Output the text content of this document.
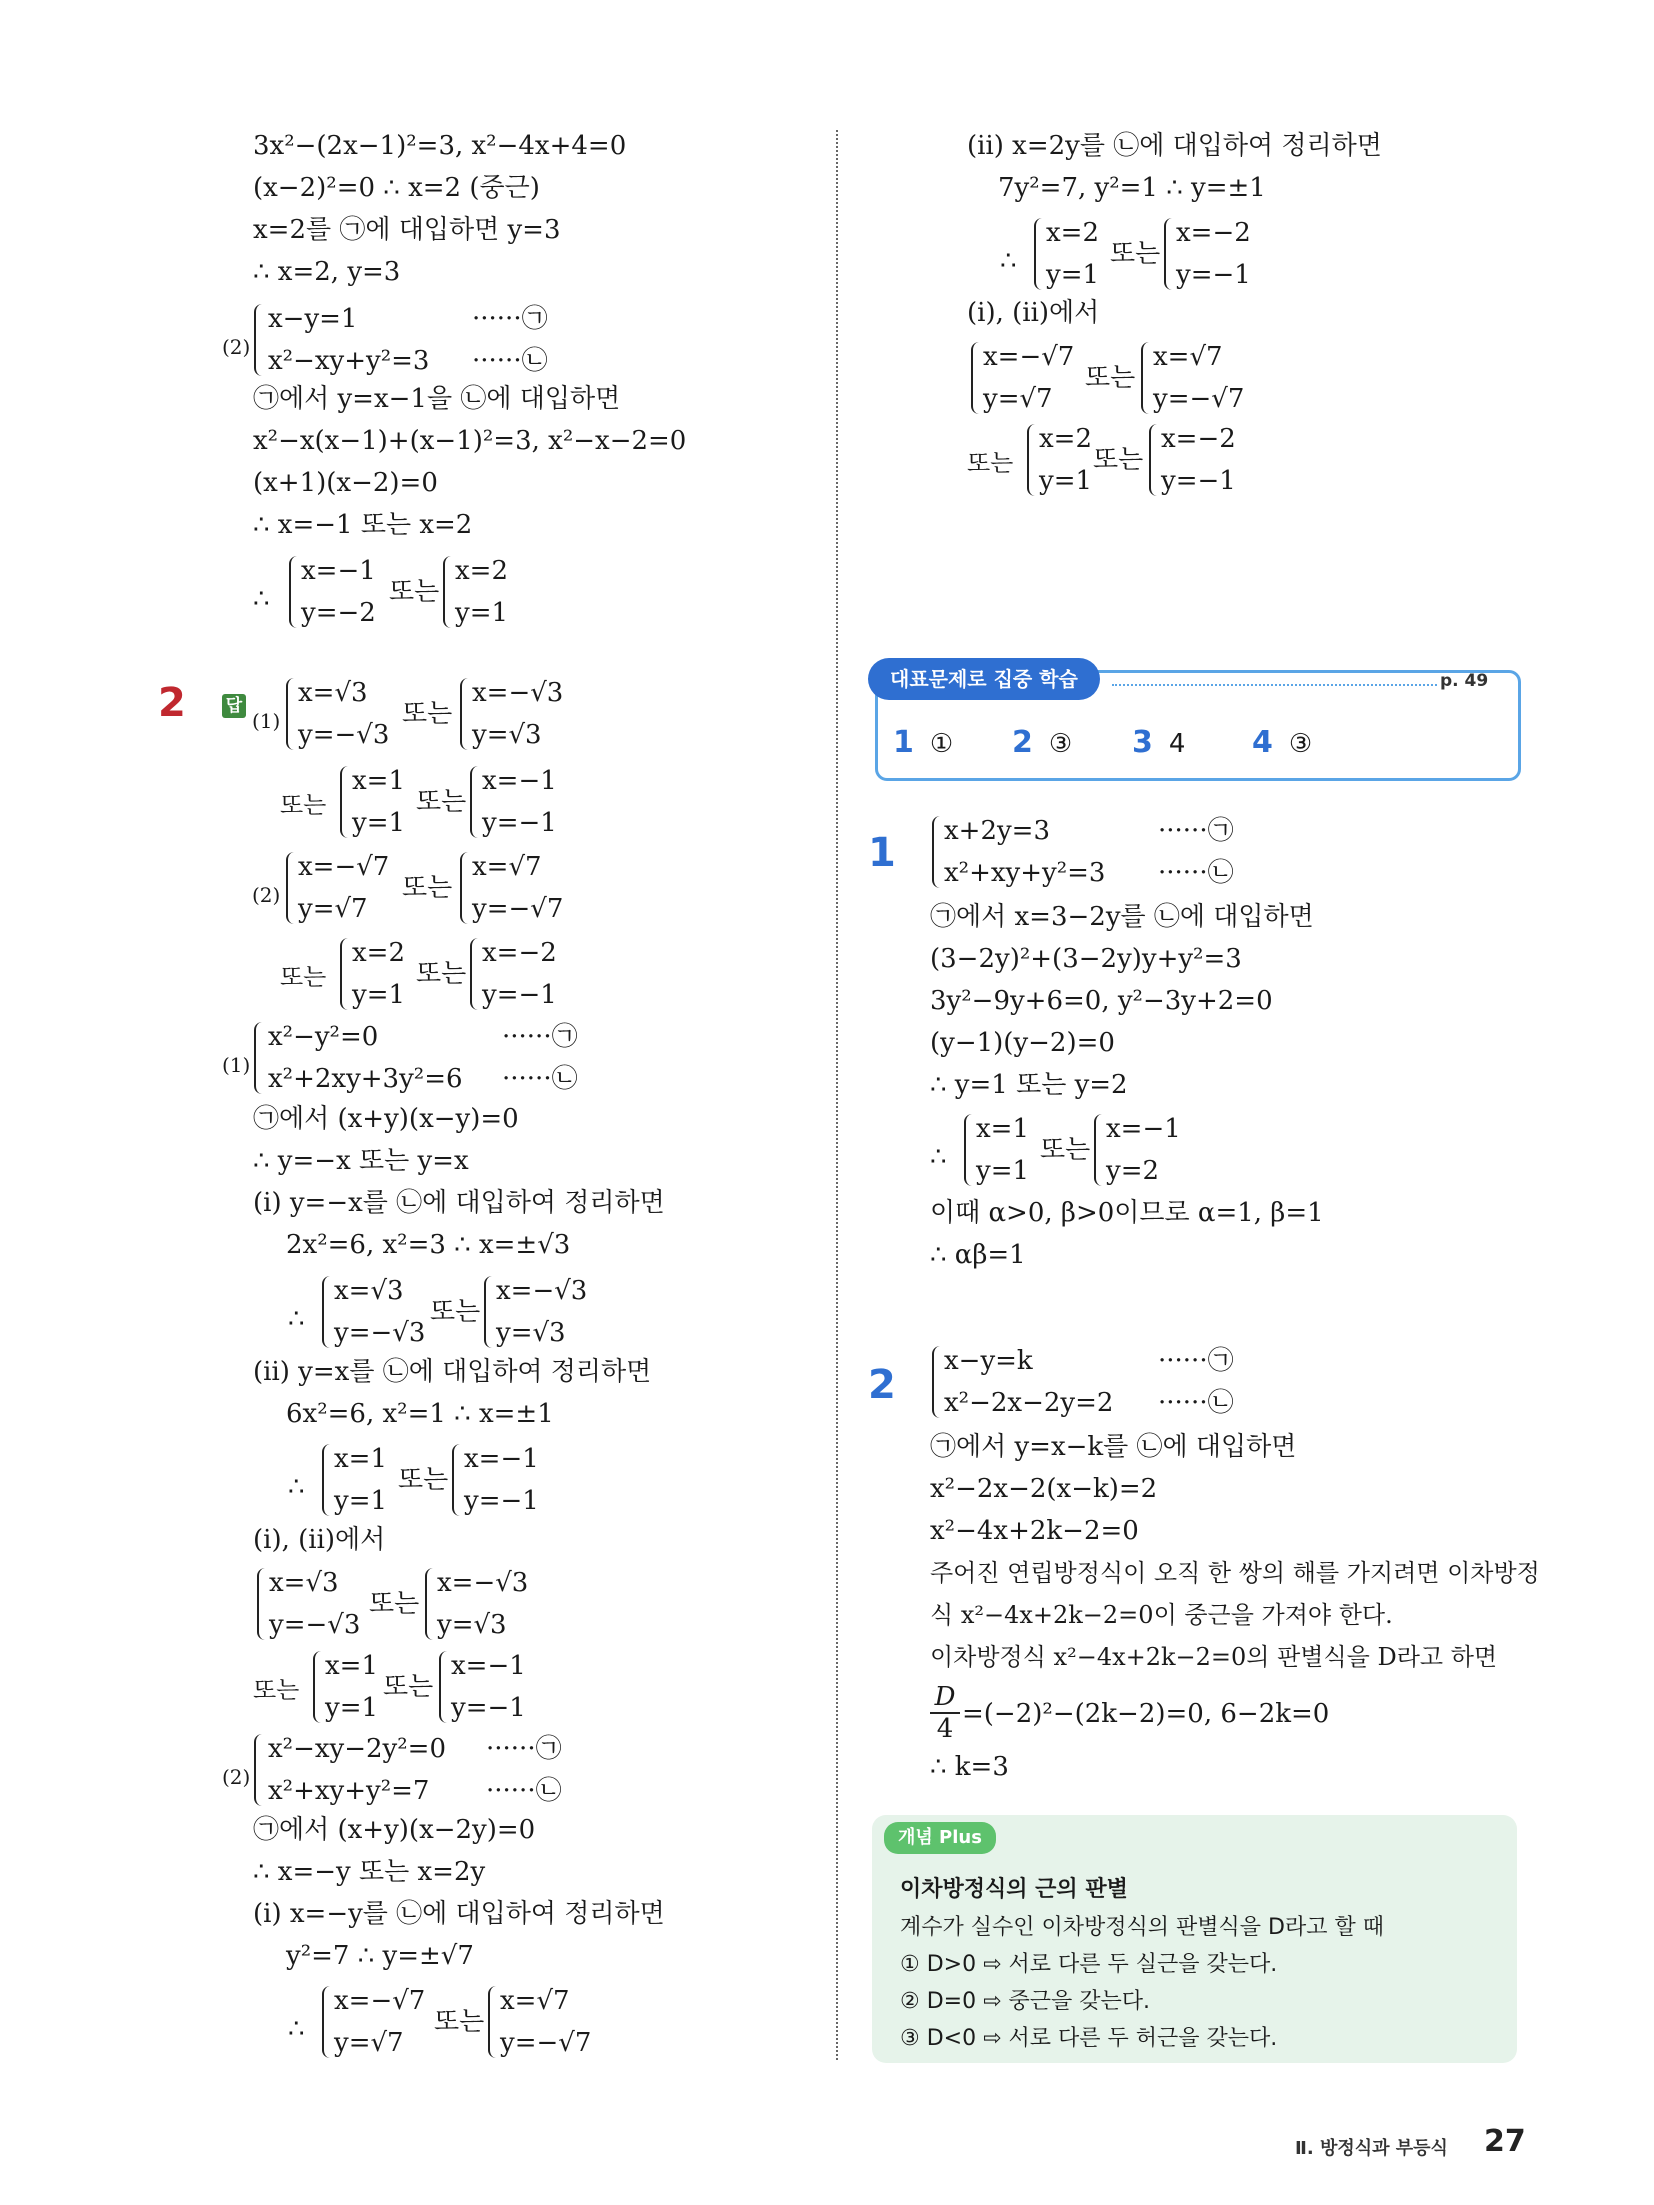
3x²−(2x−1)²=3, x²−4x+4=0
(x−2)²=0 ∴ x=2 (중근)
x=2를 ㉠에 대입하면 y=3
∴ x=2, y=3
(2)
x−y=1	······㉠
x²−xy+y²=3 ······㉡
㉠에서 y=x−1을 ㉡에 대입하면
x²−x(x−1)+(x−1)²=3, x²−x−2=0
(x+1)(x−2)=0
∴ x=−1 또는 x=2
∴
x=−1
y=−2
또는
x=2
y=1
2 답
(1)
x=√3
y=−√3
또는
x=−√3
y=√3
또는
x=1
y=1
또는
x=−1
y=−1
(2)
x=−√7
y=√7
또는
x=√7
y=−√7
또는
x=2
y=1
또는
x=−2
y=−1
(1)
x²−y²=0	······㉠
x²+2xy+3y²=6 ······㉡
㉠에서 (x+y)(x−y)=0
∴ y=−x 또는 y=x
(ⅰ) y=−x를 ㉡에 대입하여 정리하면
2x²=6, x²=3 ∴ x=±√3
∴
x=√3
y=−√3
또는
x=−√3
y=√3
(ⅱ) y=x를 ㉡에 대입하여 정리하면
6x²=6, x²=1 ∴ x=±1
∴
x=1
y=1
또는
x=−1
y=−1
(ⅰ), (ⅱ)에서
x=√3
y=−√3
또는
x=−√3
y=√3
또는
x=1
y=1
또는
x=−1
y=−1
(2)
x²−xy−2y²=0 ······㉠
x²+xy+y²=7 ······㉡
㉠에서 (x+y)(x−2y)=0
∴ x=−y 또는 x=2y
(ⅰ) x=−y를 ㉡에 대입하여 정리하면
y²=7 ∴ y=±√7
∴
x=−√7
y=√7
또는
x=√7
y=−√7
(ⅱ) x=2y를 ㉡에 대입하여 정리하면
7y²=7, y²=1 ∴ y=±1
∴
x=2
y=1
또는
x=−2
y=−1
(ⅰ), (ⅱ)에서
x=−√7
y=√7
또는
x=√7
y=−√7
또는
x=2
y=1
또는
x=−2
y=−1
대표문제로 집중 학습	p. 49
1 ① 2 ③ 3 4 4 ③
1 x+2y=3	······㉠
x²+xy+y²=3 ······㉡
㉠에서 x=3−2y를 ㉡에 대입하면
(3−2y)²+(3−2y)y+y²=3
3y²−9y+6=0, y²−3y+2=0
(y−1)(y−2)=0
∴ y=1 또는 y=2
∴
x=1
y=1
또는
x=−1
y=2
이때 α>0, β>0이므로 α=1, β=1
∴ αβ=1
2
x−y=k	······㉠
x²−2x−2y=2 ······㉡
㉠에서 y=x−k를 ㉡에 대입하면
x²−2x−2(x−k)=2
x²−4x+2k−2=0
주어진 연립방정식이 오직 한 쌍의 해를 가지려면 이차방정
식 x²−4x+2k−2=0이 중근을 가져야 한다.
이차방정식 x²−4x+2k−2=0의 판별식을 D라고 하면
$\frac{D}{4} =(-2)^2-(2k-2)=0$, 6−2k=0
∴ k=3
개념 Plus
이차방정식의 근의 판별
계수가 실수인 이차방정식의 판별식을 D라고 할 때
① D>0 ⇨ 서로 다른 두 실근을 갖는다.
② D=0 ⇨ 중근을 갖는다.
③ D<0 ⇨ 서로 다른 두 허근을 갖는다.
Ⅱ. 방정식과 부등식 27
